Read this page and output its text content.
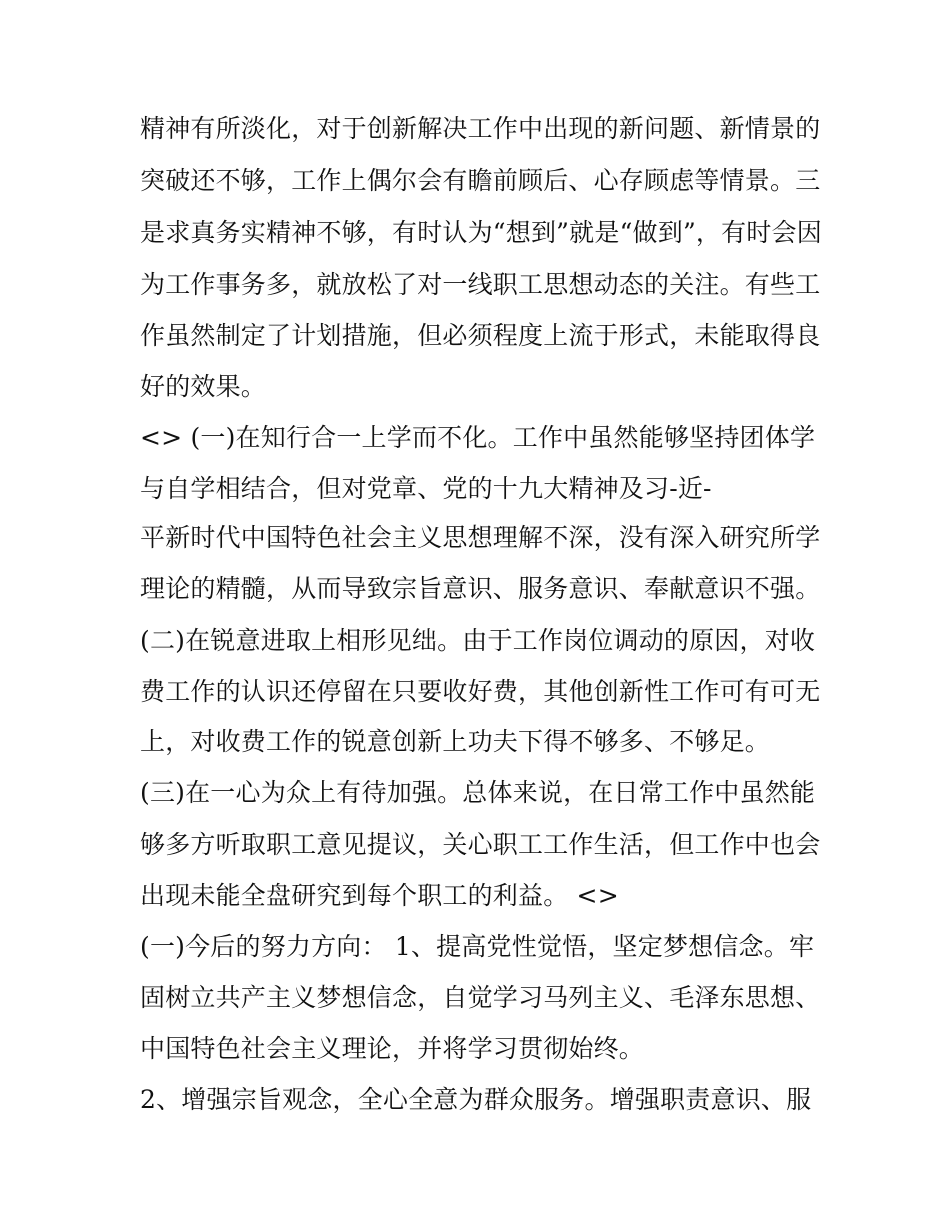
精神有所淡化，对于创新解决工作中出现的新问题、新情景的
突破还不够，工作上偶尔会有瞻前顾后、心存顾虑等情景。三
是求真务实精神不够，有时认为“想到”就是“做到”，有时会因
为工作事务多，就放松了对一线职工思想动态的关注。有些工
作虽然制定了计划措施，但必须程度上流于形式，未能取得良
好的效果。
<> (一)在知行合一上学而不化。工作中虽然能够坚持团体学
与自学相结合，但对党章、党的十九大精神及习-近-
平新时代中国特色社会主义思想理解不深，没有深入研究所学
理论的精髓，从而导致宗旨意识、服务意识、奉献意识不强。
(二)在锐意进取上相形见绌。由于工作岗位调动的原因，对收
费工作的认识还停留在只要收好费，其他创新性工作可有可无
上，对收费工作的锐意创新上功夫下得不够多、不够足。
(三)在一心为众上有待加强。总体来说，在日常工作中虽然能
够多方听取职工意见提议，关心职工工作生活，但工作中也会
出现未能全盘研究到每个职工的利益。 <>
(一)今后的努力方向： 1、提高党性觉悟，坚定梦想信念。牢
固树立共产主义梦想信念，自觉学习马列主义、毛泽东思想、
中国特色社会主义理论，并将学习贯彻始终。
2、增强宗旨观念，全心全意为群众服务。增强职责意识、服
